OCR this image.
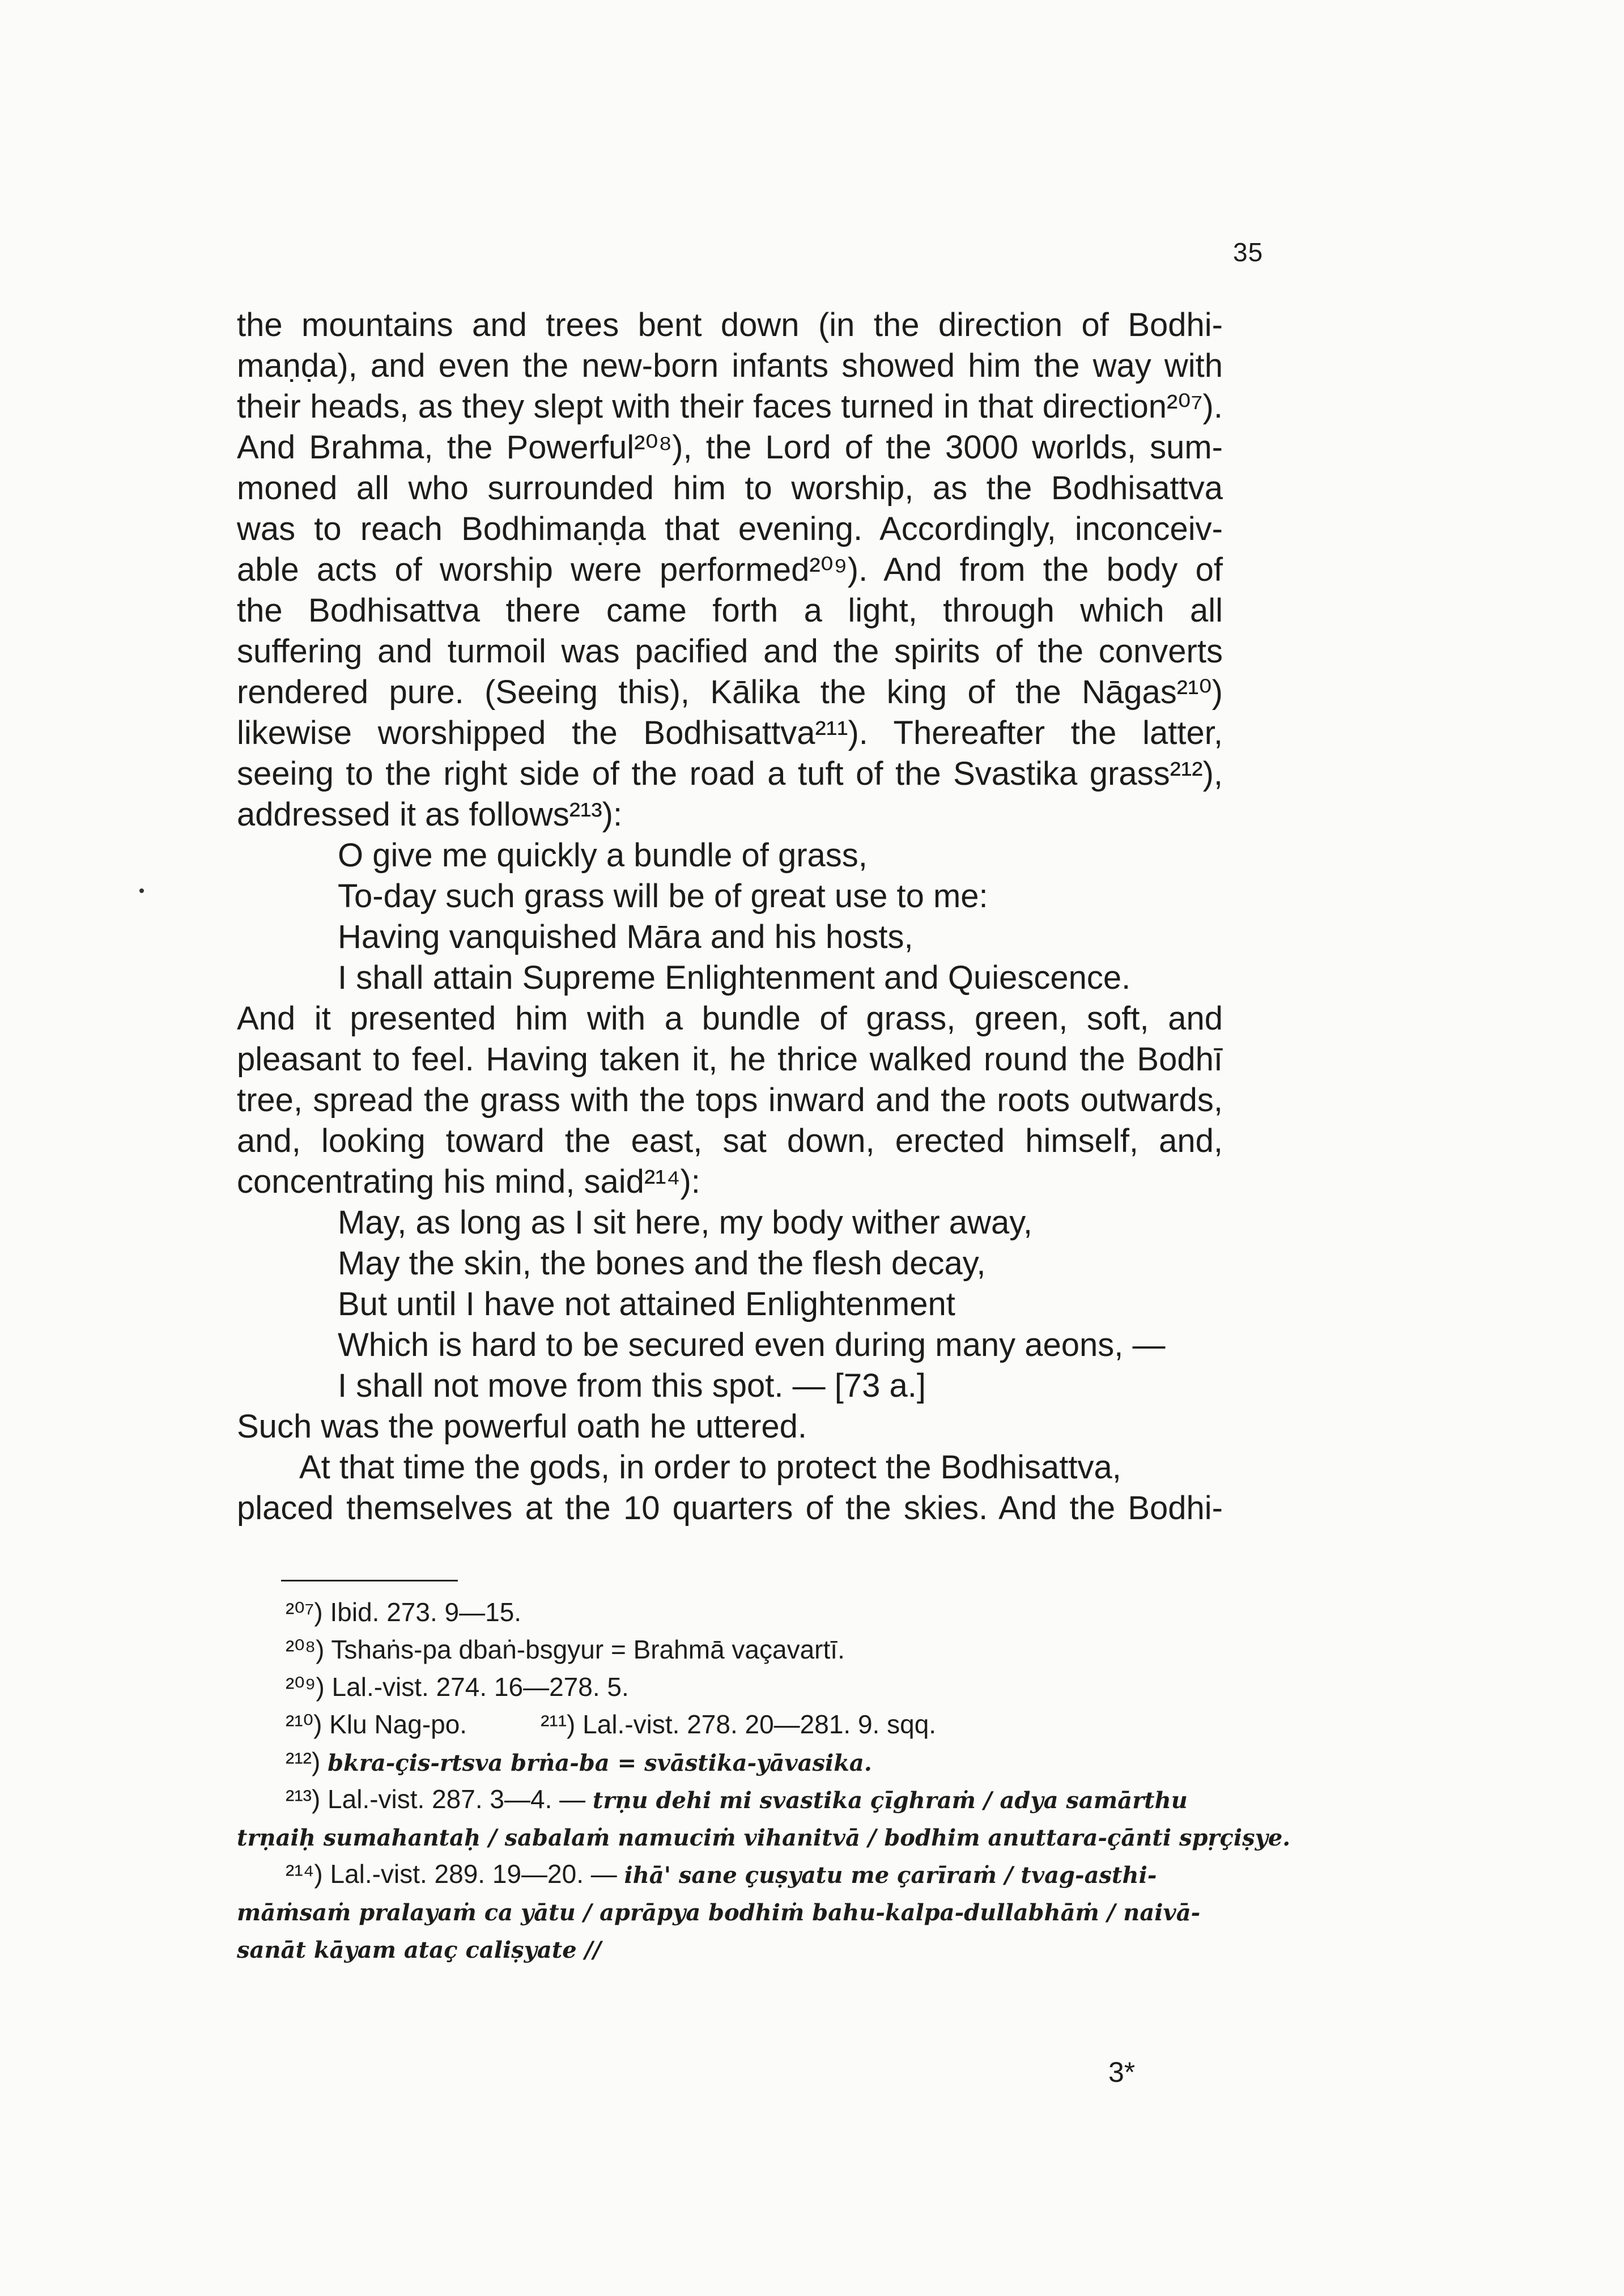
35
the mountains and trees bent down (in the direction of Bodhi-
maṇḍa), and even the new-born infants showed him the way with
their heads, as they slept with their faces turned in that direction²⁰⁷).
And Brahma, the Powerful²⁰⁸), the Lord of the 3000 worlds, sum-
moned all who surrounded him to worship, as the Bodhisattva
was to reach Bodhimaṇḍa that evening. Accordingly, inconceiv-
able acts of worship were performed²⁰⁹). And from the body of
the Bodhisattva there came forth a light, through which all
suffering and turmoil was pacified and the spirits of the converts
rendered pure. (Seeing this), Kālika the king of the Nāgas²¹⁰)
likewise worshipped the Bodhisattva²¹¹). Thereafter the latter,
seeing to the right side of the road a tuft of the Svastika grass²¹²),
addressed it as follows²¹³):
O give me quickly a bundle of grass,
To-day such grass will be of great use to me:
Having vanquished Māra and his hosts,
I shall attain Supreme Enlightenment and Quiescence.
And it presented him with a bundle of grass, green, soft, and
pleasant to feel. Having taken it, he thrice walked round the Bodhī
tree, spread the grass with the tops inward and the roots outwards,
and, looking toward the east, sat down, erected himself, and,
concentrating his mind, said²¹⁴):
May, as long as I sit here, my body wither away,
May the skin, the bones and the flesh decay,
But until I have not attained Enlightenment
Which is hard to be secured even during many aeons, —
I shall not move from this spot. — [73 a.]
Such was the powerful oath he uttered.
At that time the gods, in order to protect the Bodhisattva,
placed themselves at the 10 quarters of the skies. And the Bodhi-
²⁰⁷) Ibid. 273. 9—15.
²⁰⁸) Tshaṅs-pa dbaṅ-bsgyur = Brahmā vaçavartī.
²⁰⁹) Lal.-vist. 274. 16—278. 5.
²¹⁰) Klu Nag-po.	²¹¹) Lal.-vist. 278. 20—281. 9. sqq.
²¹²) bkra-çis-rtsva brṅa-ba = svāstika-yāvasika.
²¹³) Lal.-vist. 287. 3—4. — trṇu dehi mi svastika çīghraṁ / adya samārthu
trṇaiḥ sumahantaḥ / sabalaṁ namuciṁ vihanitvā / bodhim anuttara-çānti spṛçiṣye.
²¹⁴) Lal.-vist. 289. 19—20. — ihā' sane çuṣyatu me çarīraṁ / tvag-asthi-
māṁsaṁ pralayaṁ ca yātu / aprāpya bodhiṁ bahu-kalpa-dullabhāṁ / naivā-
sanāt kāyam ataç caliṣyate //
3*
